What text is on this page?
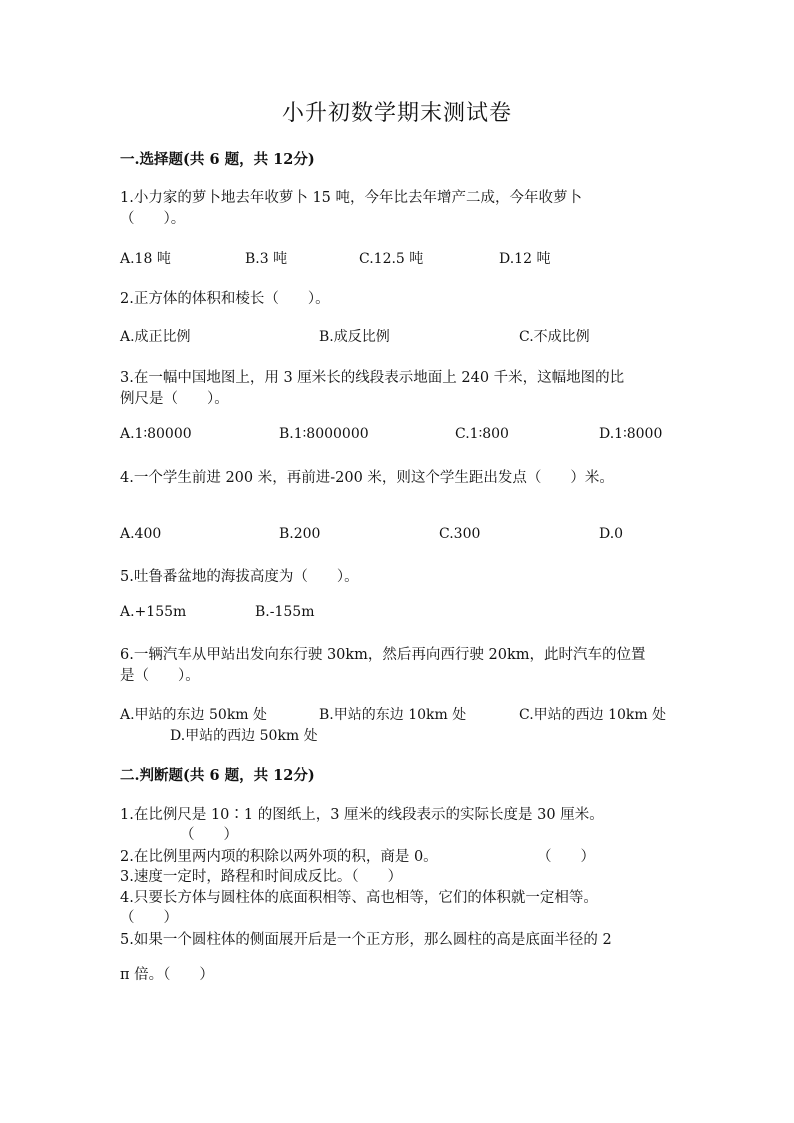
小升初数学期末测试卷
一.选择题(共 6 题，共 12分)
1.小力家的萝卜地去年收萝卜 15 吨，今年比去年增产二成，今年收萝卜
（　　）。
A.18 吨	B.3 吨	C.12.5 吨	D.12 吨
2.正方体的体积和棱长（　　）。
A.成正比例	B.成反比例	C.不成比例
3.在一幅中国地图上，用 3 厘米长的线段表示地面上 240 千米，这幅地图的比
例尺是（　　）。
A.1∶80000	B.1∶8000000	C.1∶800	D.1∶8000
4.一个学生前进 200 米，再前进-200 米，则这个学生距出发点（　　）米。
A.400	B.200	C.300	D.0
5.吐鲁番盆地的海拔高度为（　　）。
A.+155m	B.-155m
6.一辆汽车从甲站出发向东行驶 30km，然后再向西行驶 20km，此时汽车的位置
是（　　）。
A.甲站的东边 50km 处	B.甲站的东边 10km 处	C.甲站的西边 10km 处
D.甲站的西边 50km 处
二.判断题(共 6 题，共 12分)
1.在比例尺是 10∶1 的图纸上，3 厘米的线段表示的实际长度是 30 厘米。
（　　）
2.在比例里两内项的积除以两外项的积，商是 0。	（　　）
3.速度一定时，路程和时间成反比。（　　）
4.只要长方体与圆柱体的底面积相等、高也相等，它们的体积就一定相等。
（　　）
5.如果一个圆柱体的侧面展开后是一个正方形，那么圆柱的高是底面半径的 2
π 倍。（　　）
